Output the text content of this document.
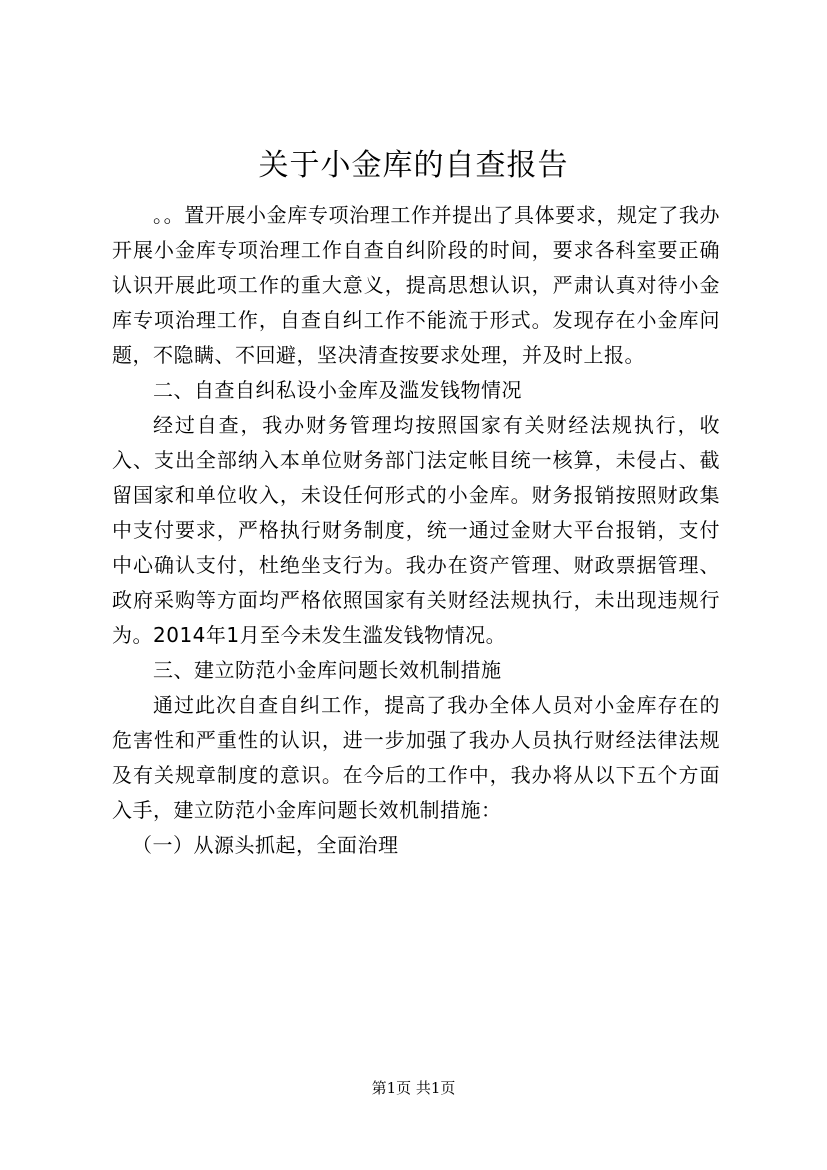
关于小金库的自查报告

。。置开展小金库专项治理工作并提出了具体要求，规定了我办开展小金库专项治理工作自查自纠阶段的时间，要求各科室要正确认识开展此项工作的重大意义，提高思想认识，严肃认真对待小金库专项治理工作，自查自纠工作不能流于形式。发现存在小金库问题，不隐瞒、不回避，坚决清查按要求处理，并及时上报。

二、自查自纠私设小金库及滥发钱物情况

经过自查，我办财务管理均按照国家有关财经法规执行，收入、支出全部纳入本单位财务部门法定帐目统一核算，未侵占、截留国家和单位收入，未设任何形式的小金库。财务报销按照财政集中支付要求，严格执行财务制度，统一通过金财大平台报销，支付中心确认支付，杜绝坐支行为。我办在资产管理、财政票据管理、政府采购等方面均严格依照国家有关财经法规执行，未出现违规行为。2014年1月至今未发生滥发钱物情况。

三、建立防范小金库问题长效机制措施

通过此次自查自纠工作，提高了我办全体人员对小金库存在的危害性和严重性的认识，进一步加强了我办人员执行财经法律法规及有关规章制度的意识。在今后的工作中，我办将从以下五个方面入手，建立防范小金库问题长效机制措施：

（一）从源头抓起，全面治理

第1页 共1页
